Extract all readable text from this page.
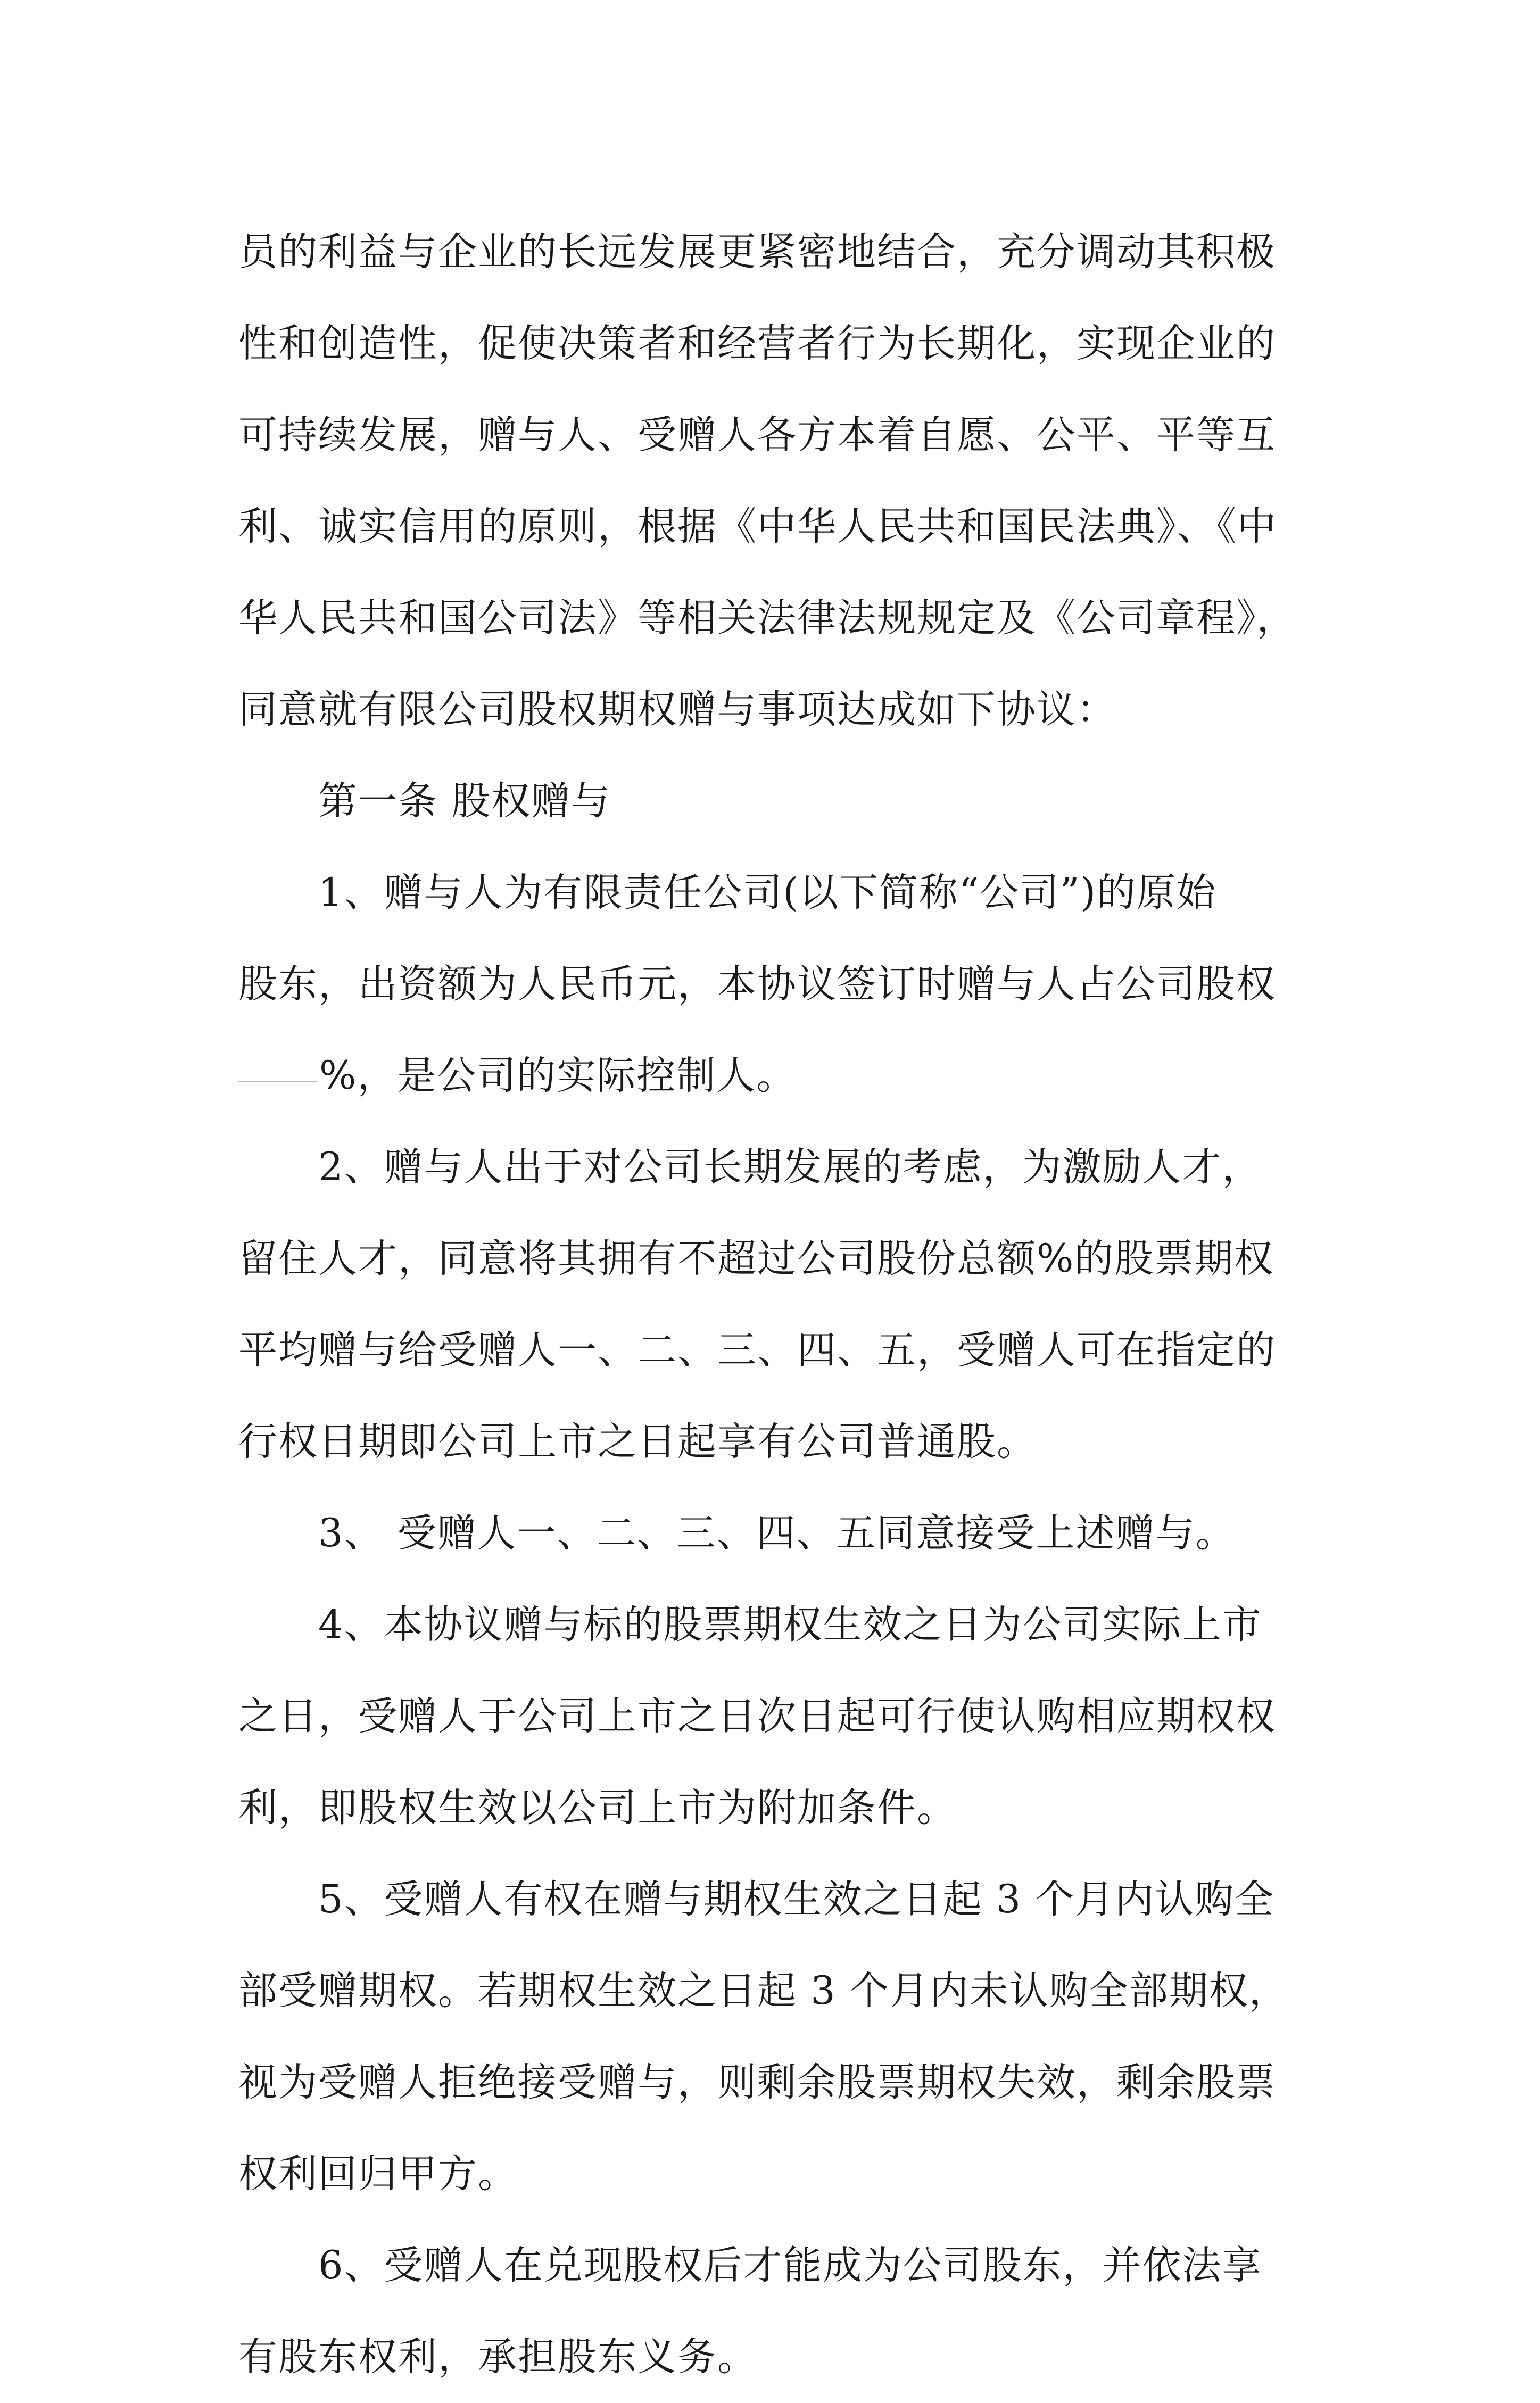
员的利益与企业的长远发展更紧密地结合，充分调动其积极
性和创造性，促使决策者和经营者行为长期化，实现企业的
可持续发展，赠与人、受赠人各方本着自愿、公平、平等互
利、诚实信用的原则，根据《中华人民共和国民法典》、《中
华人民共和国公司法》等相关法律法规规定及《公司章程》，
同意就有限公司股权期权赠与事项达成如下协议：
第一条 股权赠与
1、赠与人为有限责任公司(以下简称“公司”)的原始
股东，出资额为人民币元，本协议签订时赠与人占公司股权
%，是公司的实际控制人。
2、赠与人出于对公司长期发展的考虑，为激励人才，
留住人才，同意将其拥有不超过公司股份总额%的股票期权
平均赠与给受赠人一、二、三、四、五，受赠人可在指定的
行权日期即公司上市之日起享有公司普通股。
3、 受赠人一、二、三、四、五同意接受上述赠与。
4、本协议赠与标的股票期权生效之日为公司实际上市
之日，受赠人于公司上市之日次日起可行使认购相应期权权
利，即股权生效以公司上市为附加条件。
5、受赠人有权在赠与期权生效之日起 3 个月内认购全
部受赠期权。若期权生效之日起 3 个月内未认购全部期权，
视为受赠人拒绝接受赠与，则剩余股票期权失效，剩余股票
权利回归甲方。
6、受赠人在兑现股权后才能成为公司股东，并依法享
有股东权利，承担股东义务。
